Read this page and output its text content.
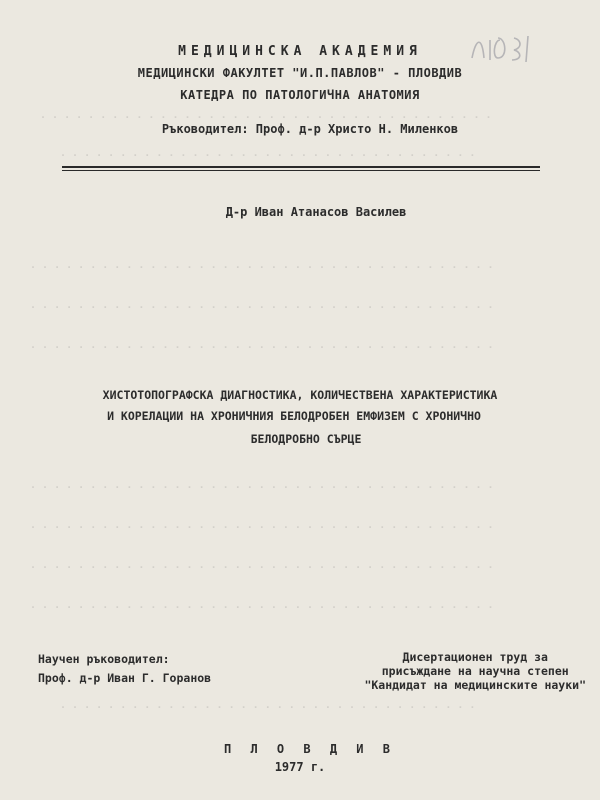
. . . . . . . . . . . . . . . . . . . . . . . . . . . . . . . . . . . . . .
. . . . . . . . . . . . . . . . . . . . . . . . . . . . . . . . . . .
. . . . . . . . . . . . . . . . . . . . . . . . . . . . . . . . . . . . . . .
. . . . . . . . . . . . . . . . . . . . . . . . . . . . . . . . . . . . . . .
. . . . . . . . . . . . . . . . . . . . . . . . . . . . . . . . . . . . . . .
. . . . . . . . . . . . . . . . . . . . . . . . . . . . . . . . . . . . . . .
. . . . . . . . . . . . . . . . . . . . . . . . . . . . . . . . . . . . . . .
. . . . . . . . . . . . . . . . . . . . . . . . . . . . . . . . . . . . . . .
. . . . . . . . . . . . . . . . . . . . . . . . . . . . . . . . . . . . . . .
. . . . . . . . . . . . . . . . . . . . . . . . . . . . . . . . . . .
МЕДИЦИНСКА АКАДЕМИЯ
МЕДИЦИНСКИ ФАКУЛТЕТ "И.П.ПАВЛОВ" - ПЛОВДИВ
КАТЕДРА ПО ПАТОЛОГИЧНА АНАТОМИЯ
Ръководител: Проф. д-р Христо Н. Миленков
Д-р Иван Атанасов Василев
ХИСТОТОПОГРАФСКА ДИАГНОСТИКА, КОЛИЧЕСТВЕНА ХАРАКТЕРИСТИКА
И КОРЕЛАЦИИ НА ХРОНИЧНИЯ БЕЛОДРОБЕН ЕМФИЗЕМ С ХРОНИЧНО
БЕЛОДРОБНО СЪРЦЕ
Научен ръководител:
Проф. д-р Иван Г. Горанов
Дисертационен труд за
присъждане на научна степен
"Кандидат на медицинските науки"
П Л О В Д И В
1977 г.
